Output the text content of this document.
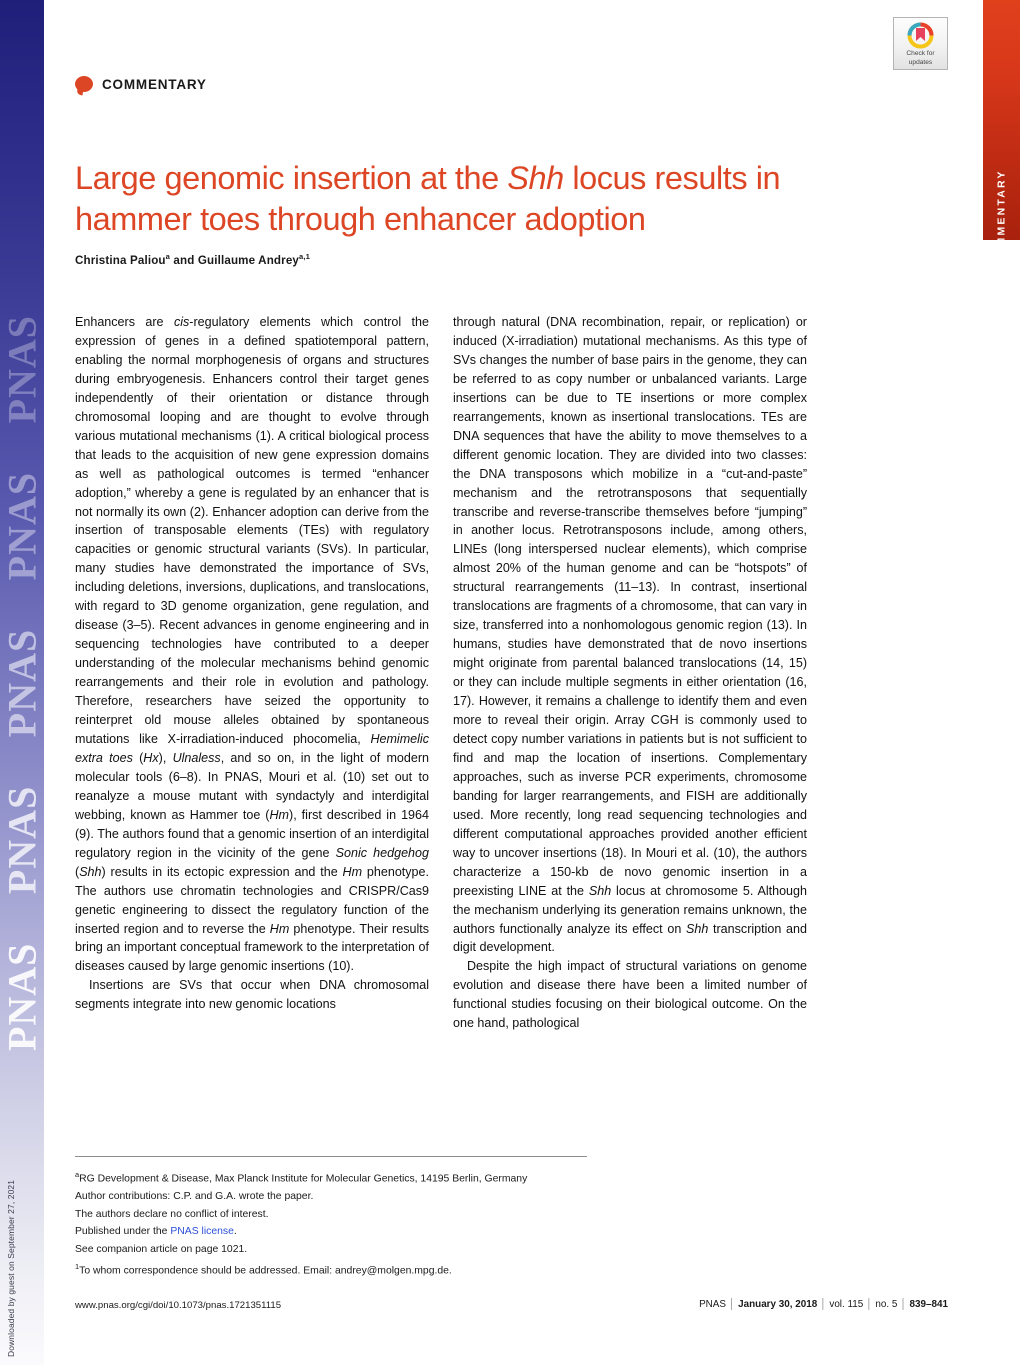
PNAS PNAS PNAS PNAS PNAS
Downloaded by guest on September 27, 2021
COMMENTARY
Check for
updates
COMMENTARY
Large genomic insertion at the Shh locus results in hammer toes through enhancer adoption
Christina Paliou$^a$ and Guillaume Andrey$^{a,1}$

Enhancers are cis-regulatory elements which control the expression of genes in a defined spatiotemporal pattern, enabling the normal morphogenesis of organs and structures during embryogenesis. Enhancers control their target genes independently of their orientation or distance through chromosomal looping and are thought to evolve through various mutational mechanisms (1). A critical biological process that leads to the acquisition of new gene expression domains as well as pathological outcomes is termed “enhancer adoption,” whereby a gene is regulated by an enhancer that is not normally its own (2). Enhancer adoption can derive from the insertion of transposable elements (TEs) with regulatory capacities or genomic structural variants (SVs). In particular, many studies have demonstrated the importance of SVs, including deletions, inversions, duplications, and translocations, with regard to 3D genome organization, gene regulation, and disease (3–5). Recent advances in genome engineering and in sequencing technologies have contributed to a deeper understanding of the molecular mechanisms behind genomic rearrangements and their role in evolution and pathology. Therefore, researchers have seized the opportunity to reinterpret old mouse alleles obtained by spontaneous mutations like X-irradiation-induced phocomelia, Hemimelic extra toes (Hx), Ulnaless, and so on, in the light of modern molecular tools (6–8). In PNAS, Mouri et al. (10) set out to reanalyze a mouse mutant with syndactyly and interdigital webbing, known as Hammer toe (Hm), first described in 1964 (9). The authors found that a genomic insertion of an interdigital regulatory region in the vicinity of the gene Sonic hedgehog (Shh) results in its ectopic expression and the Hm phenotype. The authors use chromatin technologies and CRISPR/Cas9 genetic engineering to dissect the regulatory function of the inserted region and to reverse the Hm phenotype. Their results bring an important conceptual framework to the interpretation of diseases caused by large genomic insertions (10).

Insertions are SVs that occur when DNA chromosomal segments integrate into new genomic locations

through natural (DNA recombination, repair, or replication) or induced (X-irradiation) mutational mechanisms. As this type of SVs changes the number of base pairs in the genome, they can be referred to as copy number or unbalanced variants. Large insertions can be due to TE insertions or more complex rearrangements, known as insertional translocations. TEs are DNA sequences that have the ability to move themselves to a different genomic location. They are divided into two classes: the DNA transposons which mobilize in a “cut-and-paste” mechanism and the retrotransposons that sequentially transcribe and reverse-transcribe themselves before “jumping” in another locus. Retrotransposons include, among others, LINEs (long interspersed nuclear elements), which comprise almost 20% of the human genome and can be “hotspots” of structural rearrangements (11–13). In contrast, insertional translocations are fragments of a chromosome, that can vary in size, transferred into a nonhomologous genomic region (13). In humans, studies have demonstrated that de novo insertions might originate from parental balanced translocations (14, 15) or they can include multiple segments in either orientation (16, 17). However, it remains a challenge to identify them and even more to reveal their origin. Array CGH is commonly used to detect copy number variations in patients but is not sufficient to find and map the location of insertions. Complementary approaches, such as inverse PCR experiments, chromosome banding for larger rearrangements, and FISH are additionally used. More recently, long read sequencing technologies and different computational approaches provided another efficient way to uncover insertions (18). In Mouri et al. (10), the authors characterize a 150-kb de novo genomic insertion in a preexisting LINE at the Shh locus at chromosome 5. Although the mechanism underlying its generation remains unknown, the authors functionally analyze its effect on Shh transcription and digit development.

Despite the high impact of structural variations on genome evolution and disease there have been a limited number of functional studies focusing on their biological outcome. On the one hand, pathological

$^a$RG Development & Disease, Max Planck Institute for Molecular Genetics, 14195 Berlin, Germany
Author contributions: C.P. and G.A. wrote the paper.
The authors declare no conflict of interest.
Published under the PNAS license.
See companion article on page 1021.
$^1$To whom correspondence should be addressed. Email: andrey@molgen.mpg.de.
www.pnas.org/cgi/doi/10.1073/pnas.1721351115	PNAS │ January 30, 2018 │ vol. 115 │ no. 5 │ 839–841
